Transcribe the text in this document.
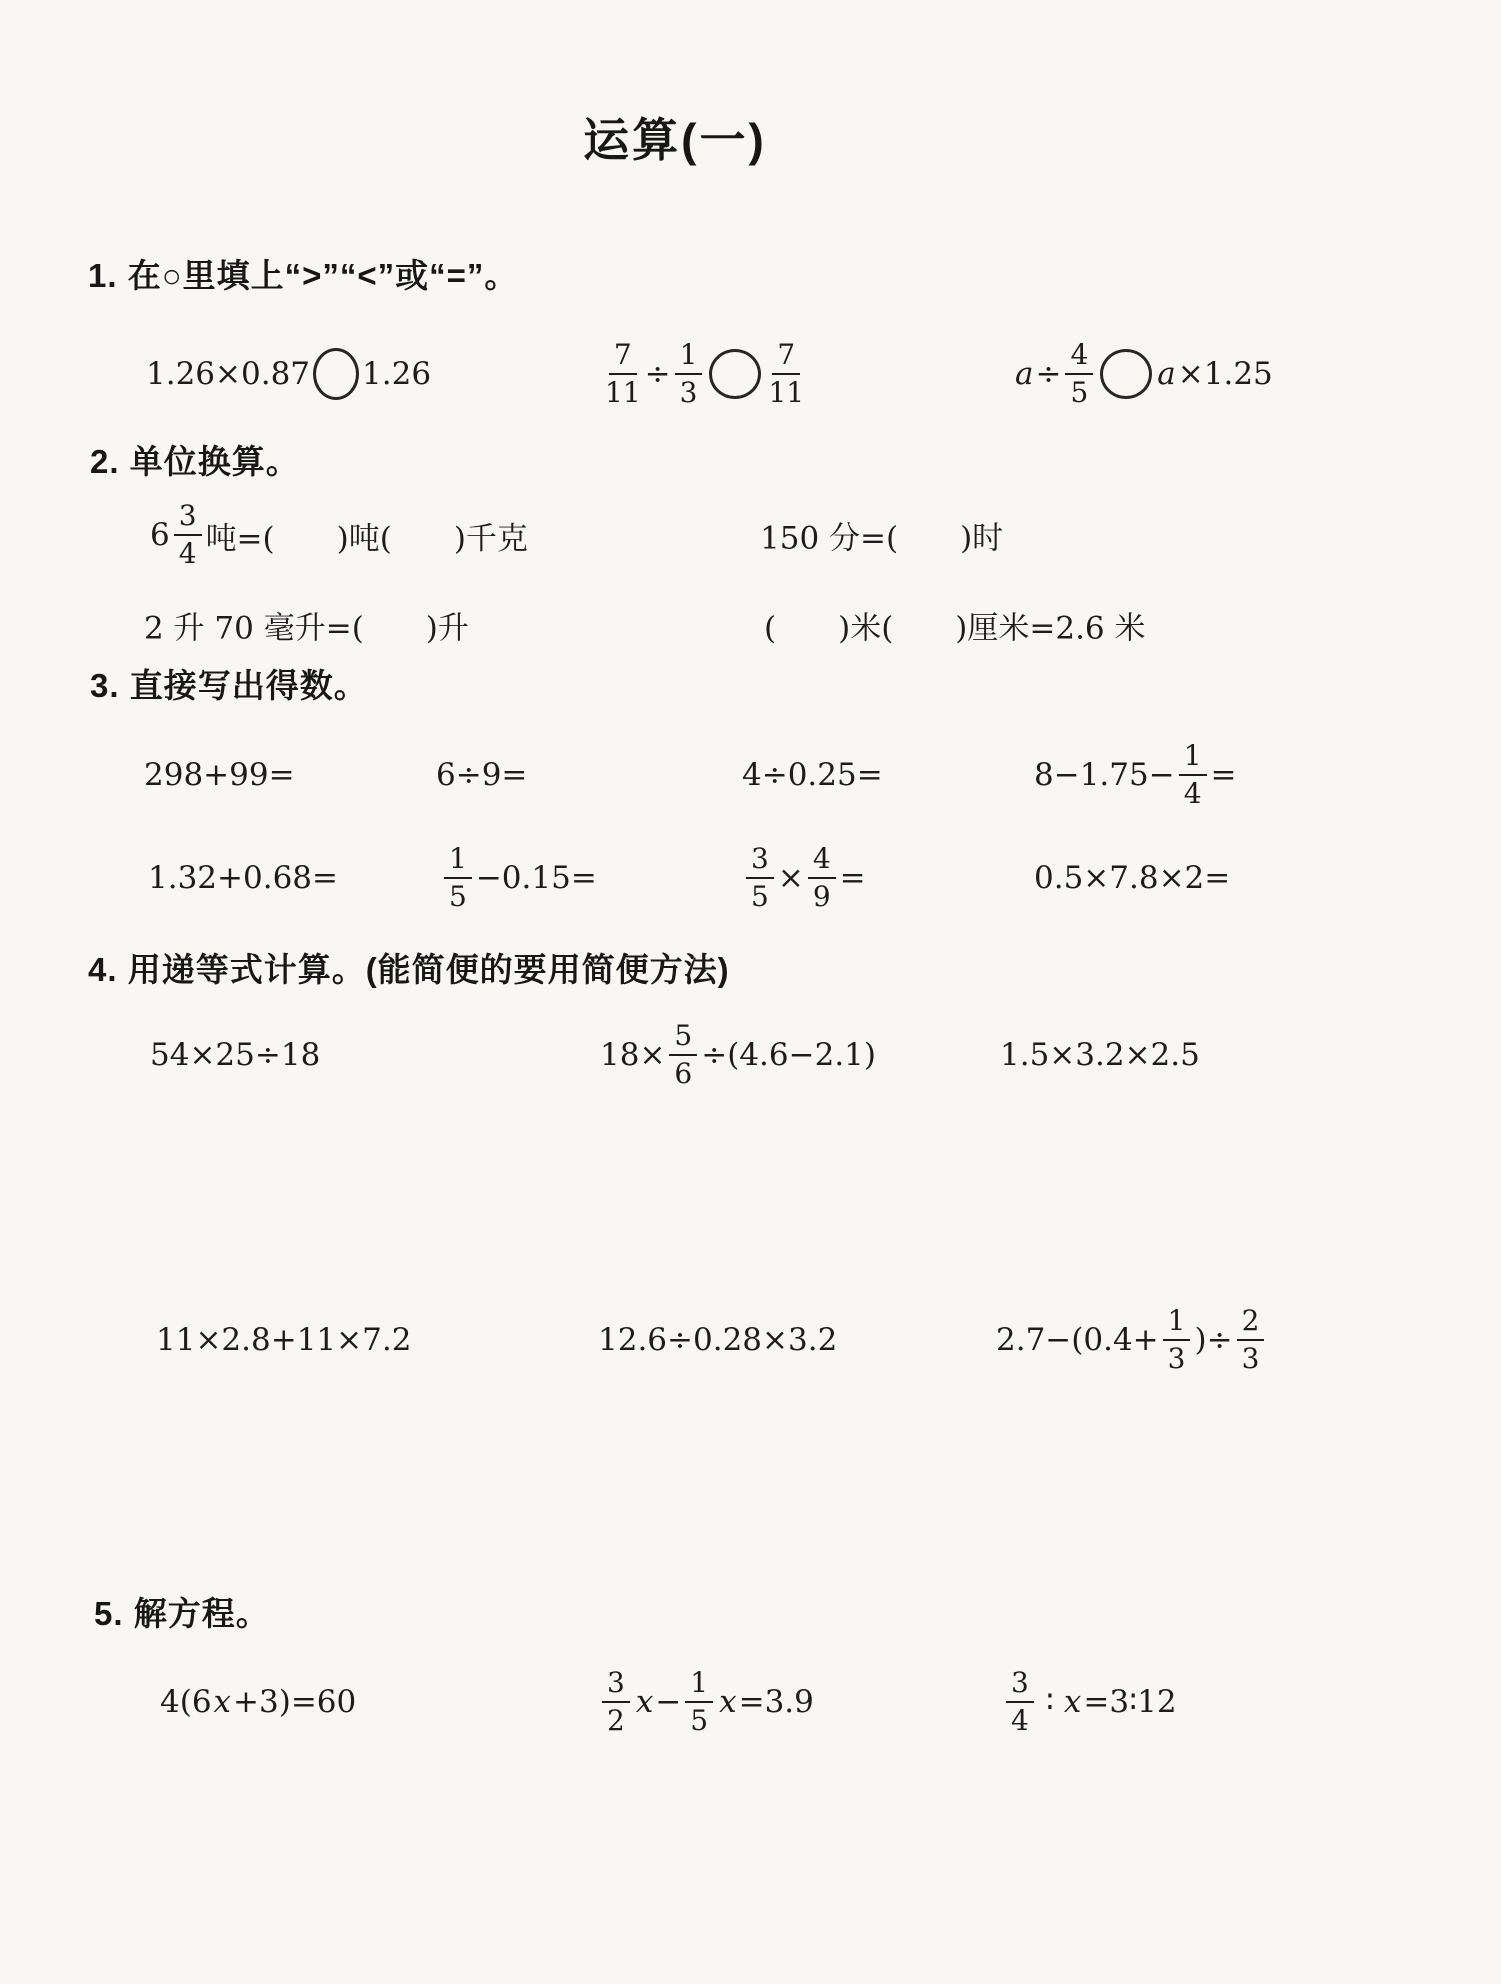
运算(一)
1. 在○里填上“>”“<”或“=”。
1.26×0.87 1.26	$\frac{7}{11} \div \frac{1}{3} \frac{7}{11}$	$a \div \frac{4}{5}$ a ×1.25
2. 单位换算。
$6 \frac{3}{4}$ 吨=(　　)吨(　　)千克	150 分=(　　)时
2 升 70 毫升=(　　)升	(　　)米(　　)厘米=2.6 米
3. 直接写出得数。
298+99=	6÷9=	4÷0.25=	$8-1.75- \frac{1}{4}$ =
1.32+0.68=	$\frac{1}{5} -0.15=$	$\frac{3}{5} \times \frac{4}{9}$ =	0.5×7.8×2=
4. 用递等式计算。(能简便的要用简便方法)
54×25÷18	$18\times \frac{5}{6} \div(4.6-2.1)$	1.5×3.2×2.5
11×2.8+11×7.2	12.6÷0.28×3.2	$2.7-(0.4+ \frac{1}{3}$ )÷ $\frac{2}{3}$
5. 解方程。
4(6 x +3)=60	$\frac{3}{2}$ $x - \frac{1}{5}$ x =3.9	$\frac{3}{4}$ ∶ x =3∶12
